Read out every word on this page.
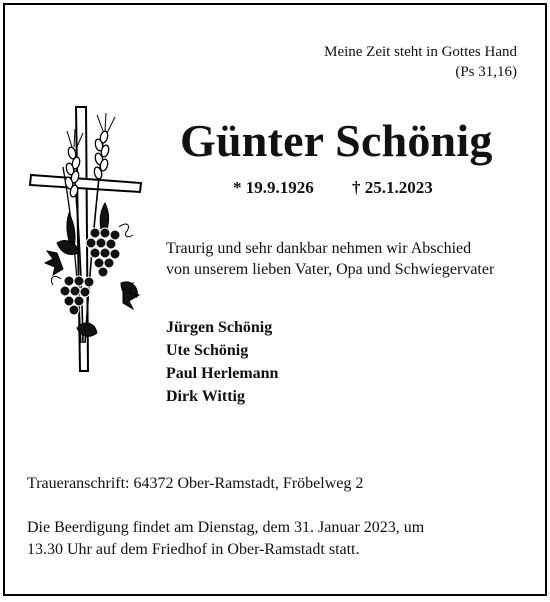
Meine Zeit steht in Gottes Hand
(Ps 31,16)
Günter Schönig
* 19.9.1926 † 25.1.2023
Traurig und sehr dankbar nehmen wir Abschied
von unserem lieben Vater, Opa und Schwiegervater
Jürgen Schönig
Ute Schönig
Paul Herlemann
Dirk Wittig
Traueranschrift: 64372 Ober-Ramstadt, Fröbelweg 2
Die Beerdigung findet am Dienstag, dem 31. Januar 2023, um
13.30 Uhr auf dem Friedhof in Ober-Ramstadt statt.
